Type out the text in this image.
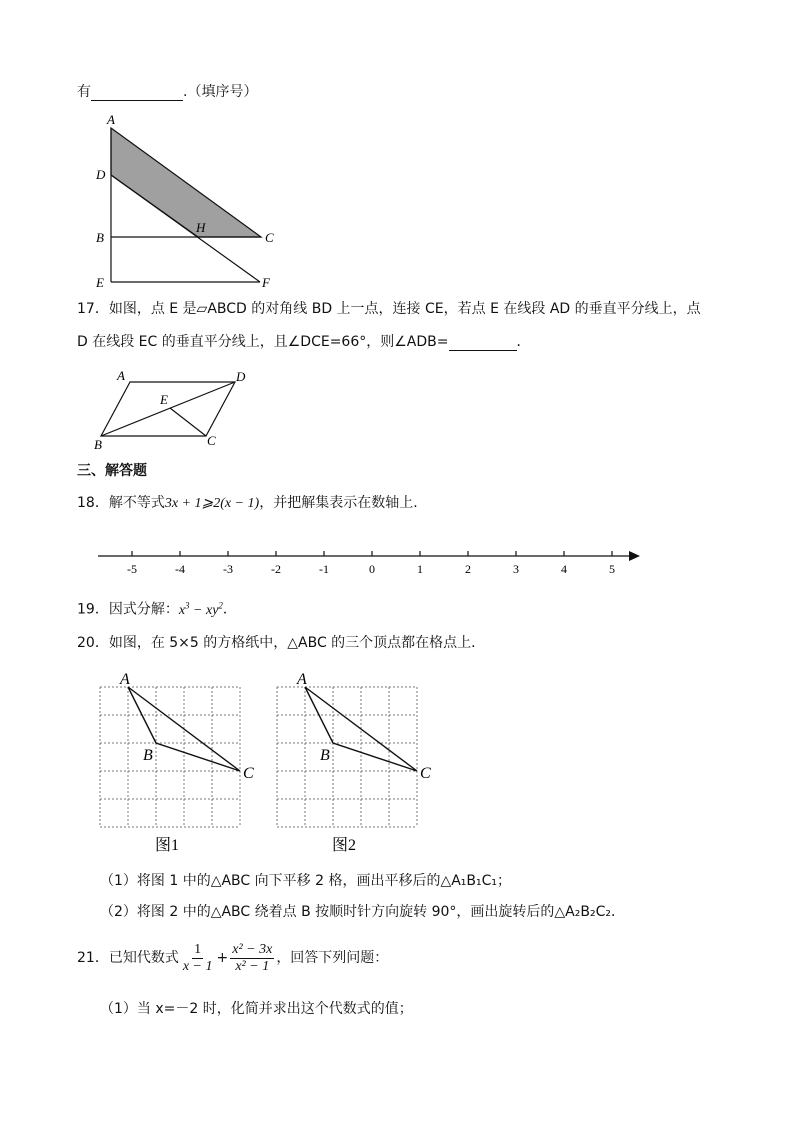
有	.（填序号）
A
D
B
H
C
E	F
17．如图，点 E 是▱ABCD 的对角线 BD 上一点，连接 CE，若点 E 在线段 AD 的垂直平分线上，点
D 在线段 EC 的垂直平分线上，且∠DCE=66°，则∠ADB=	．
A	D
E
B	C
三、解答题
18．解不等式3x + 1⩾2(x − 1)，并把解集表示在数轴上．
-5	-4	-3	-2	-1	0	1	2	3	4	5
19．因式分解：$x^3 - xy^2$．
20．如图，在 5×5 的方格纸中，△ABC 的三个顶点都在格点上．
A
B
C
图1
A
B
C
图2
（1）将图 1 中的△ABC 向下平移 2 格，画出平移后的△A₁B₁C₁；
（2）将图 2 中的△ABC 绕着点 B 按顺时针方向旋转 90°，画出旋转后的△A₂B₂C₂．
21．已知代数式 $\frac{1}{x - 1} + \frac{\text{x² − 3x}}{\text{x² − 1}}$ ，回答下列问题：
（1）当 x=－2 时，化简并求出这个代数式的值；
